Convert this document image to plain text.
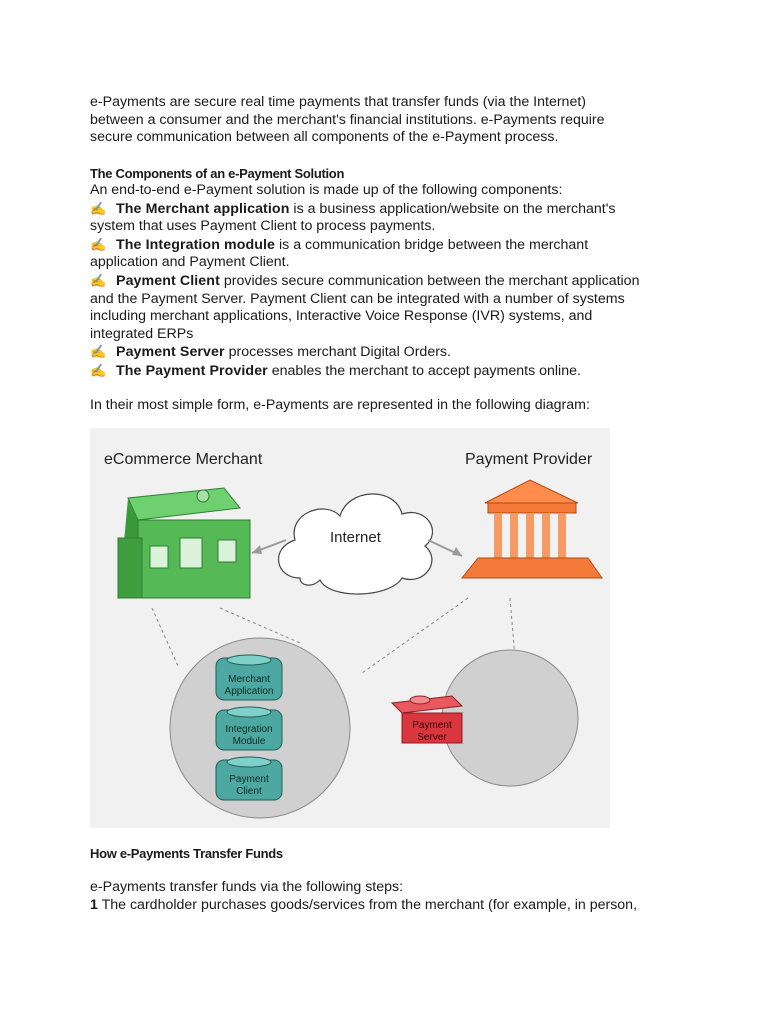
e-Payments are secure real time payments that transfer funds (via the Internet)
between a consumer and the merchant's financial institutions. e-Payments require
secure communication between all components of the e-Payment process.

The Components of an e-Payment Solution

An end-to-end e-Payment solution is made up of the following components:
✍ The Merchant application is a business application/website on the merchant's
system that uses Payment Client to process payments.
✍ The Integration module is a communication bridge between the merchant
application and Payment Client.
✍ Payment Client provides secure communication between the merchant application
and the Payment Server. Payment Client can be integrated with a number of systems
including merchant applications, Interactive Voice Response (IVR) systems, and
integrated ERPs
✍ Payment Server processes merchant Digital Orders.
✍ The Payment Provider enables the merchant to accept payments online.

In their most simple form, e-Payments are represented in the following diagram:

eCommerce Merchant	Payment Provider
Internet
Merchant
Application
Integration
Module
Payment
Client
Payment
Server

How e-Payments Transfer Funds

e-Payments transfer funds via the following steps:
1 The cardholder purchases goods/services from the merchant (for example, in person,
